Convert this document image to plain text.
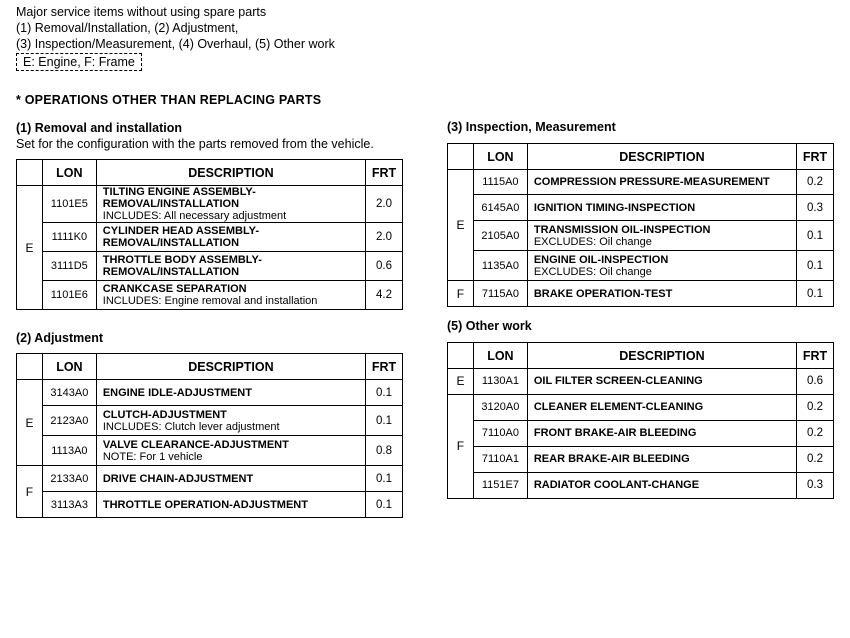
Major service items without using spare parts
(1) Removal/Installation, (2) Adjustment,
(3) Inspection/Measurement, (4) Overhaul, (5) Other work
E: Engine, F: Frame
* OPERATIONS OTHER THAN REPLACING PARTS
(1) Removal and installation
Set for the configuration with the parts removed from the vehicle.
	LON	DESCRIPTION	FRT
E	1101E5	TILTING ENGINE ASSEMBLY-
REMOVAL/INSTALLATION
INCLUDES: All necessary adjustment	2.0
	1111K0	CYLINDER HEAD ASSEMBLY-
REMOVAL/INSTALLATION	2.0
	3111D5	THROTTLE BODY ASSEMBLY-
REMOVAL/INSTALLATION	0.6
	1101E6	CRANKCASE SEPARATION
INCLUDES: Engine removal and installation	4.2
(2) Adjustment
	LON	DESCRIPTION	FRT
E	3143A0	ENGINE IDLE-ADJUSTMENT	0.1
	2123A0	CLUTCH-ADJUSTMENT
INCLUDES: Clutch lever adjustment	0.1
	1113A0	VALVE CLEARANCE-ADJUSTMENT
NOTE: For 1 vehicle	0.8
F	2133A0	DRIVE CHAIN-ADJUSTMENT	0.1
	3113A3	THROTTLE OPERATION-ADJUSTMENT	0.1
(3) Inspection, Measurement
	LON	DESCRIPTION	FRT
E	1115A0	COMPRESSION PRESSURE-MEASUREMENT	0.2
	6145A0	IGNITION TIMING-INSPECTION	0.3
	2105A0	TRANSMISSION OIL-INSPECTION
EXCLUDES: Oil change	0.1
	1135A0	ENGINE OIL-INSPECTION
EXCLUDES: Oil change	0.1
F	7115A0	BRAKE OPERATION-TEST	0.1
(5) Other work
	LON	DESCRIPTION	FRT
E	1130A1	OIL FILTER SCREEN-CLEANING	0.6
F	3120A0	CLEANER ELEMENT-CLEANING	0.2
	7110A0	FRONT BRAKE-AIR BLEEDING	0.2
	7110A1	REAR BRAKE-AIR BLEEDING	0.2
	1151E7	RADIATOR COOLANT-CHANGE	0.3
